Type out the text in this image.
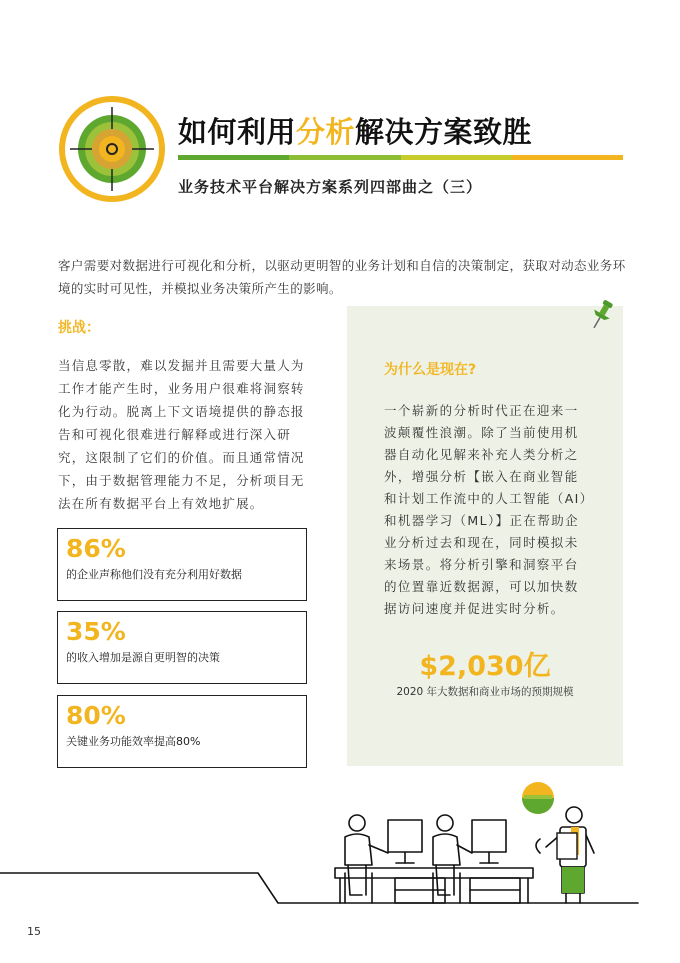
如何利用分析解决方案致胜
业务技术平台解决方案系列四部曲之（三）
客户需要对数据进行可视化和分析，以驱动更明智的业务计划和自信的决策制定，获取对动态业务环境的实时可见性，并模拟业务决策所产生的影响。
挑战：
当信息零散，难以发掘并且需要大量人为工作才能产生时，业务用户很难将洞察转化为行动。脱离上下文语境提供的静态报告和可视化很难进行解释或进行深入研究，这限制了它们的价值。而且通常情况下，由于数据管理能力不足，分析项目无法在所有数据平台上有效地扩展。
86%
的企业声称他们没有充分利用好数据
35%
的收入增加是源自更明智的决策
80%
关键业务功能效率提高80%
为什么是现在?
一个崭新的分析时代正在迎来一波颠覆性浪潮。除了当前使用机器自动化见解来补充人类分析之外，增强分析【嵌入在商业智能和计划工作流中的人工智能（AI）和机器学习（ML）】正在帮助企业分析过去和现在，同时模拟未来场景。将分析引擎和洞察平台的位置靠近数据源，可以加快数据访问速度并促进实时分析。
$2,030亿
2020 年大数据和商业市场的预期规模
15
